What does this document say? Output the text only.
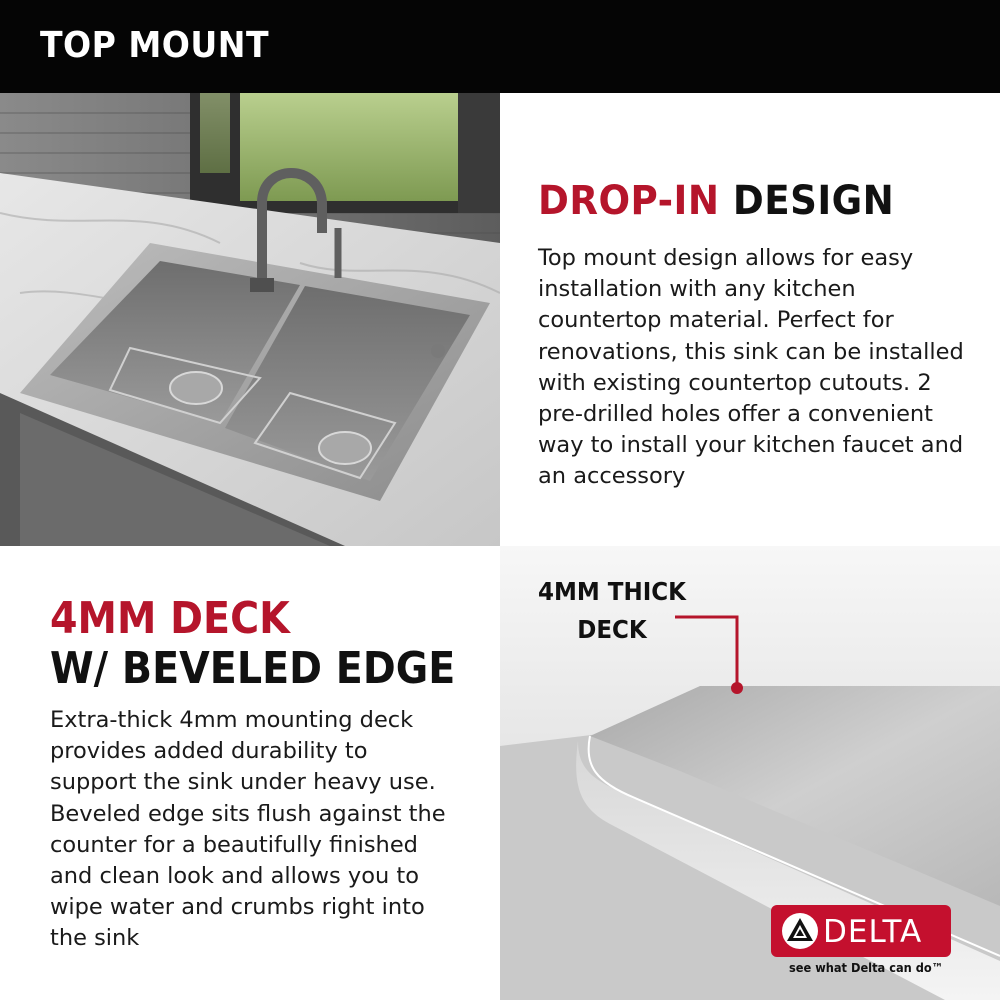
TOP MOUNT
DROP-IN DESIGN
Top mount design allows for easy installation with any kitchen countertop material. Perfect for renovations, this sink can be installed with existing countertop cutouts. 2 pre-drilled holes offer a convenient way to install your kitchen faucet and an accessory
4MM DECK
W/ BEVELED EDGE
Extra-thick 4mm mounting deck provides added durability to support the sink under heavy use. Beveled edge sits flush against the counter for a beautifully finished and clean look and allows you to wipe water and crumbs right into the sink
4MM THICK
DECK
DELTA
see what Delta can do™
